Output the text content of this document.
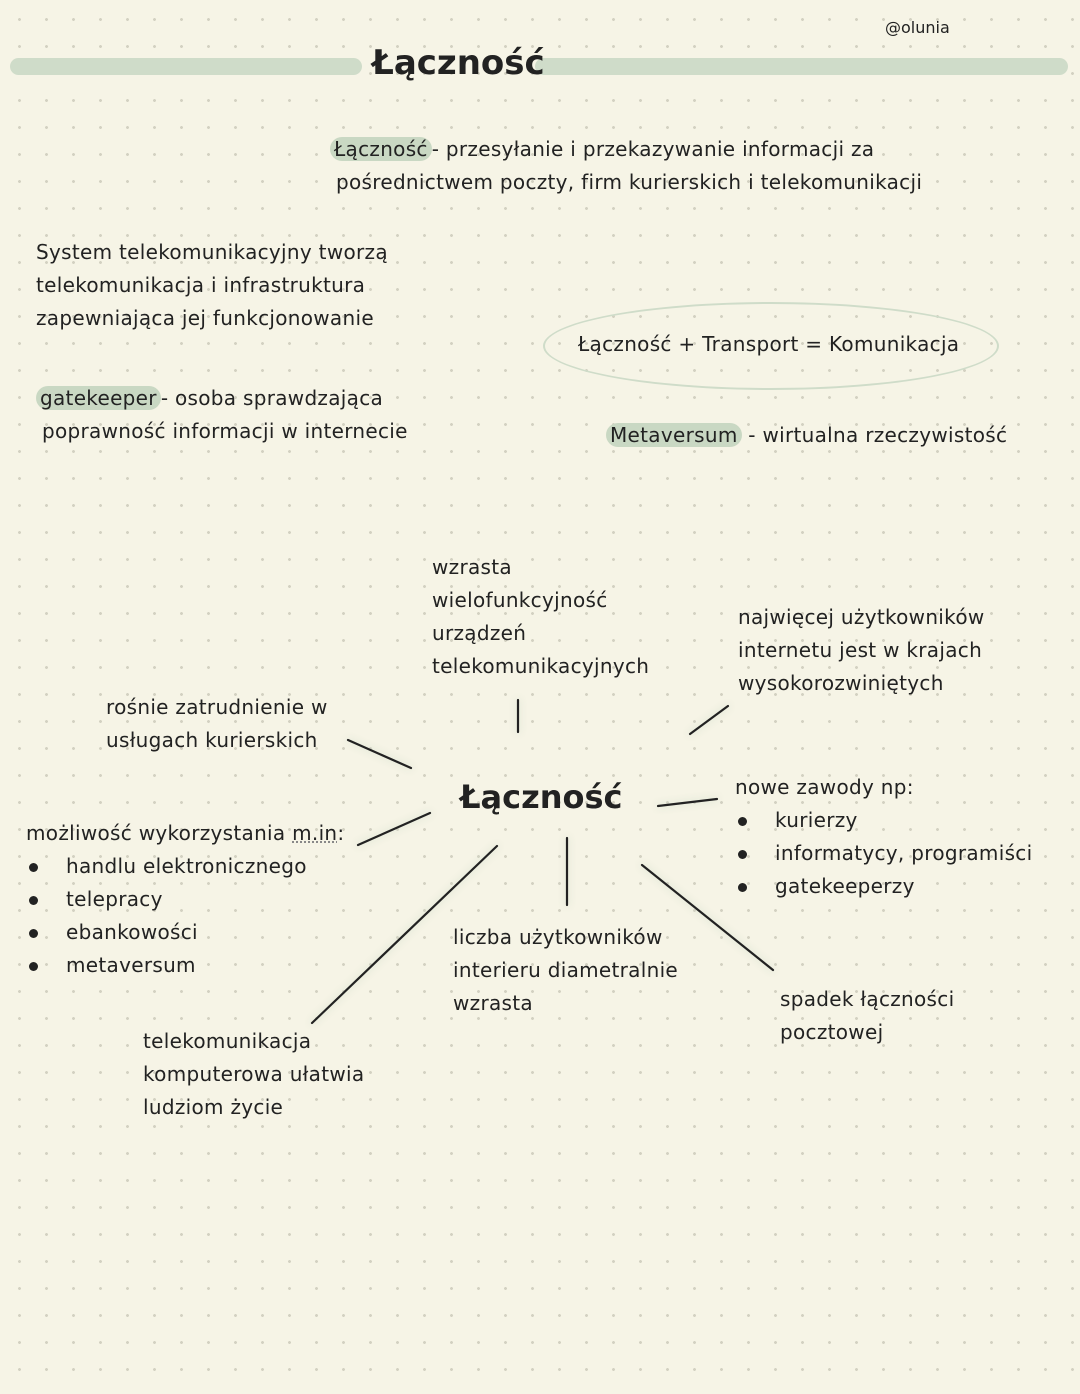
@olunia
Łączność
Łączność - przesyłanie i przekazywanie informacji za
pośrednictwem poczty, firm kurierskich i telekomunikacji
System telekomunikacyjny tworzą
telekomunikacja i infrastruktura
zapewniająca jej funkcjonowanie
Łączność + Transport = Komunikacja
gatekeeper - osoba sprawdzająca
poprawność informacji w internecie	Metaversum - wirtualna rzeczywistość
Łączność
wzrasta
wielofunkcyjność
urządzeń
telekomunikacyjnych
najwięcej użytkowników
internetu jest w krajach
wysokorozwiniętych
rośnie zatrudnienie w
usługach kurierskich
nowe zawody np:
kurierzy
informatycy, programiści
gatekeeperzy
możliwość wykorzystania m.in:
handlu elektronicznego
telepracy
ebankowości
metaversum
liczba użytkowników
interieru diametralnie
wzrasta	spadek łączności
pocztowej
telekomunikacja
komputerowa ułatwia
ludziom życie
